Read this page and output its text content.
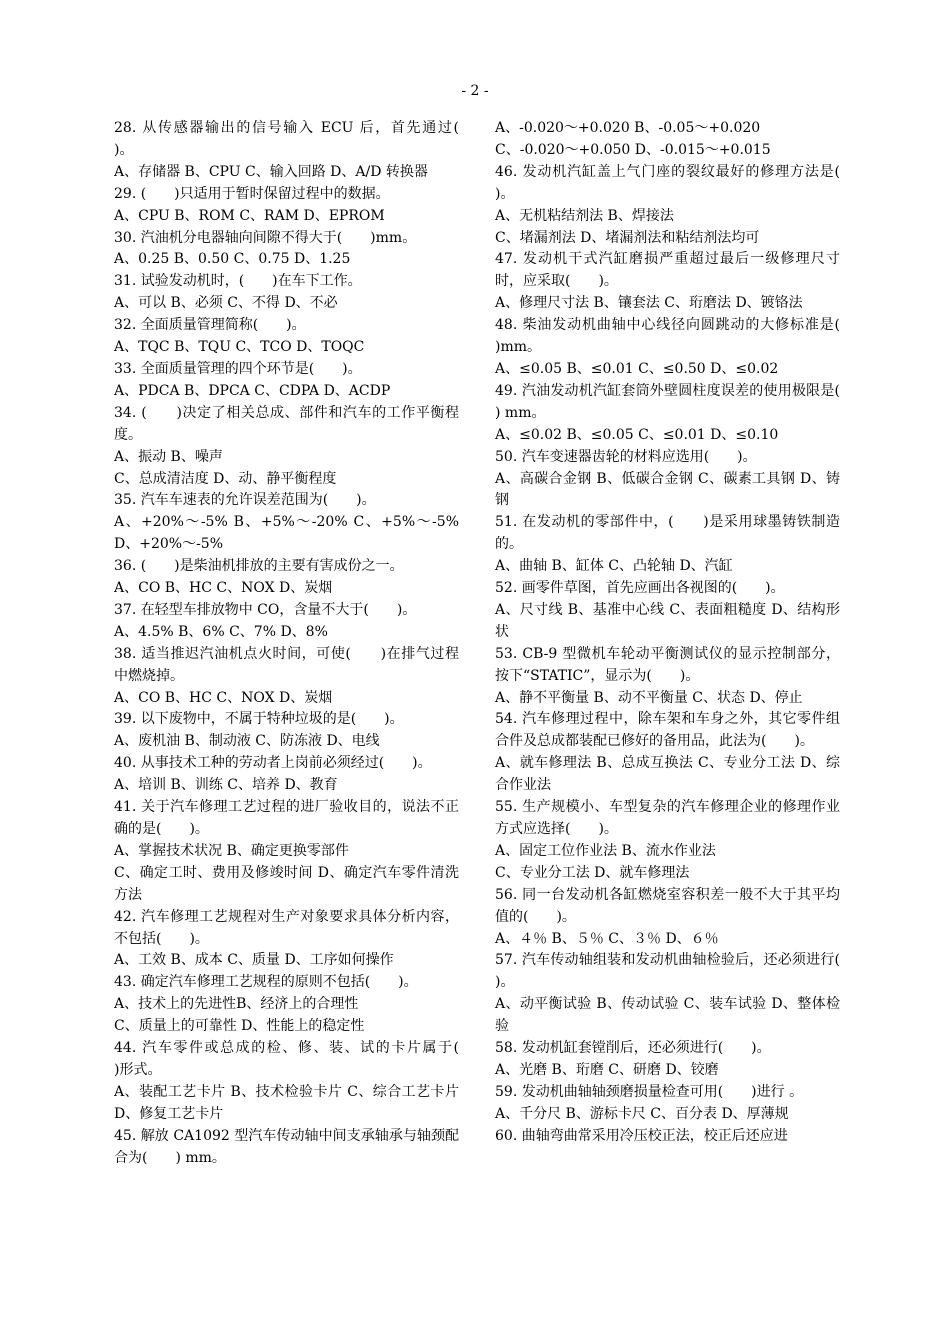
- 2 -
28. 从传感器输出的信号输入 ECU 后，首先通过(　　)。
A、存储器 B、CPU C、输入回路 D、A/D 转换器
29. (　　)只适用于暂时保留过程中的数据。
A、CPU B、ROM C、RAM D、EPROM
30. 汽油机分电器轴向间隙不得大于(　　)mm。
A、0.25 B、0.50 C、0.75 D、1.25
31. 试验发动机时，(　　)在车下工作。
A、可以 B、必须 C、不得 D、不必
32. 全面质量管理简称(　　)。
A、TQC B、TQU C、TCO D、TOQC
33. 全面质量管理的四个环节是(　　)。
A、PDCA B、DPCA C、CDPA D、ACDP
34. (　　)决定了相关总成、部件和汽车的工作平衡程度。
A、振动 B、噪声
C、总成清洁度 D、动、静平衡程度
35. 汽车车速表的允许误差范围为(　　)。
A、+20%～-5% B、+5%～-20% C、+5%～-5% D、+20%～-5%
36. (　　)是柴油机排放的主要有害成份之一。
A、CO B、HC C、NOX D、炭烟
37. 在轻型车排放物中 CO，含量不大于(　　)。
A、4.5% B、6% C、7% D、8%
38. 适当推迟汽油机点火时间，可使(　　)在排气过程中燃烧掉。
A、CO B、HC C、NOX D、炭烟
39. 以下废物中，不属于特种垃圾的是(　　)。
A、废机油 B、制动液 C、防冻液 D、电线
40. 从事技术工种的劳动者上岗前必须经过(　　)。
A、培训 B、训练 C、培养 D、教育
41. 关于汽车修理工艺过程的进厂验收目的，说法不正确的是(　　)。
A、掌握技术状况 B、确定更换零部件
C、确定工时、费用及修竣时间 D、确定汽车零件清洗方法
42. 汽车修理工艺规程对生产对象要求具体分析内容，不包括(　　)。
A、工效 B、成本 C、质量 D、工序如何操作
43. 确定汽车修理工艺规程的原则不包括(　　)。
A、技术上的先进性B、经济上的合理性
C、质量上的可靠性 D、性能上的稳定性
44. 汽车零件或总成的检、修、装、试的卡片属于(　　)形式。
A、装配工艺卡片 B、技术检验卡片 C、综合工艺卡片 D、修复工艺卡片
45. 解放 CA1092 型汽车传动轴中间支承轴承与轴颈配合为(　　) mm。
A、-0.020～+0.020 B、-0.05～+0.020
C、-0.020～+0.050 D、-0.015～+0.015
46. 发动机汽缸盖上气门座的裂纹最好的修理方法是(　　)。
A、无机粘结剂法 B、焊接法
C、堵漏剂法 D、堵漏剂法和粘结剂法均可
47. 发动机干式汽缸磨损严重超过最后一级修理尺寸时，应采取(　　)。
A、修理尺寸法 B、镶套法 C、珩磨法 D、镀铬法
48. 柴油发动机曲轴中心线径向圆跳动的大修标准是(　　)mm。
A、≤0.05 B、≤0.01 C、≤0.50 D、≤0.02
49. 汽油发动机汽缸套筒外壁圆柱度误差的使用极限是(　　) mm。
A、≤0.02 B、≤0.05 C、≤0.01 D、≤0.10
50. 汽车变速器齿轮的材料应选用(　　)。
A、高碳合金钢 B、低碳合金钢 C、碳素工具钢 D、铸钢
51. 在发动机的零部件中，(　　)是采用球墨铸铁制造的。
A、曲轴 B、缸体 C、凸轮轴 D、汽缸
52. 画零件草图，首先应画出各视图的(　　)。
A、尺寸线 B、基准中心线 C、表面粗糙度 D、结构形状
53. CB-9 型微机车轮动平衡测试仪的显示控制部分，按下“STATIC”，显示为(　　)。
A、静不平衡量 B、动不平衡量 C、状态 D、停止
54. 汽车修理过程中，除车架和车身之外，其它零件组合件及总成都装配已修好的备用品，此法为(　　)。
A、就车修理法 B、总成互换法 C、专业分工法 D、综合作业法
55. 生产规模小、车型复杂的汽车修理企业的修理作业方式应选择(　　)。
A、固定工位作业法 B、流水作业法
C、专业分工法 D、就车修理法
56. 同一台发动机各缸燃烧室容积差一般不大于其平均值的(　　)。
A、４％ B、５％ C、３％ D、６％
57. 汽车传动轴组装和发动机曲轴检验后，还必须进行(　　)。
A、动平衡试验 B、传动试验 C、装车试验 D、整体检验
58. 发动机缸套镗削后，还必须进行(　　)。
A、光磨 B、珩磨 C、研磨 D、铰磨
59. 发动机曲轴轴颈磨损量检查可用(　　)进行 。
A、千分尺 B、游标卡尺 C、百分表 D、厚薄规
60. 曲轴弯曲常采用冷压校正法，校正后还应进
